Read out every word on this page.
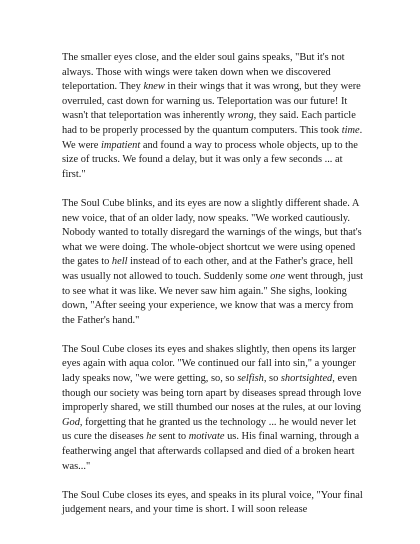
The smaller eyes close, and the elder soul gains speaks, "But it's not always. Those with wings were taken down when we discovered teleportation. They knew in their wings that it was wrong, but they were overruled, cast down for warning us. Teleportation was our future! It wasn't that teleportation was inherently wrong, they said. Each particle had to be properly processed by the quantum computers. This took time. We were impatient and found a way to process whole objects, up to the size of trucks. We found a delay, but it was only a few seconds ... at first."

The Soul Cube blinks, and its eyes are now a slightly different shade. A new voice, that of an older lady, now speaks. "We worked cautiously. Nobody wanted to totally disregard the warnings of the wings, but that's what we were doing. The whole-object shortcut we were using opened the gates to hell instead of to each other, and at the Father's grace, hell was usually not allowed to touch. Suddenly some one went through, just to see what it was like. We never saw him again." She sighs, looking down, "After seeing your experience, we know that was a mercy from the Father's hand."

The Soul Cube closes its eyes and shakes slightly, then opens its larger eyes again with aqua color. "We continued our fall into sin," a younger lady speaks now, "we were getting, so, so selfish, so shortsighted, even though our society was being torn apart by diseases spread through love improperly shared, we still thumbed our noses at the rules, at our loving God, forgetting that he granted us the technology ... he would never let us cure the diseases he sent to motivate us. His final warning, through a featherwing angel that afterwards collapsed and died of a broken heart was..."

The Soul Cube closes its eyes, and speaks in its plural voice, "Your final judgement nears, and your time is short. I will soon release
